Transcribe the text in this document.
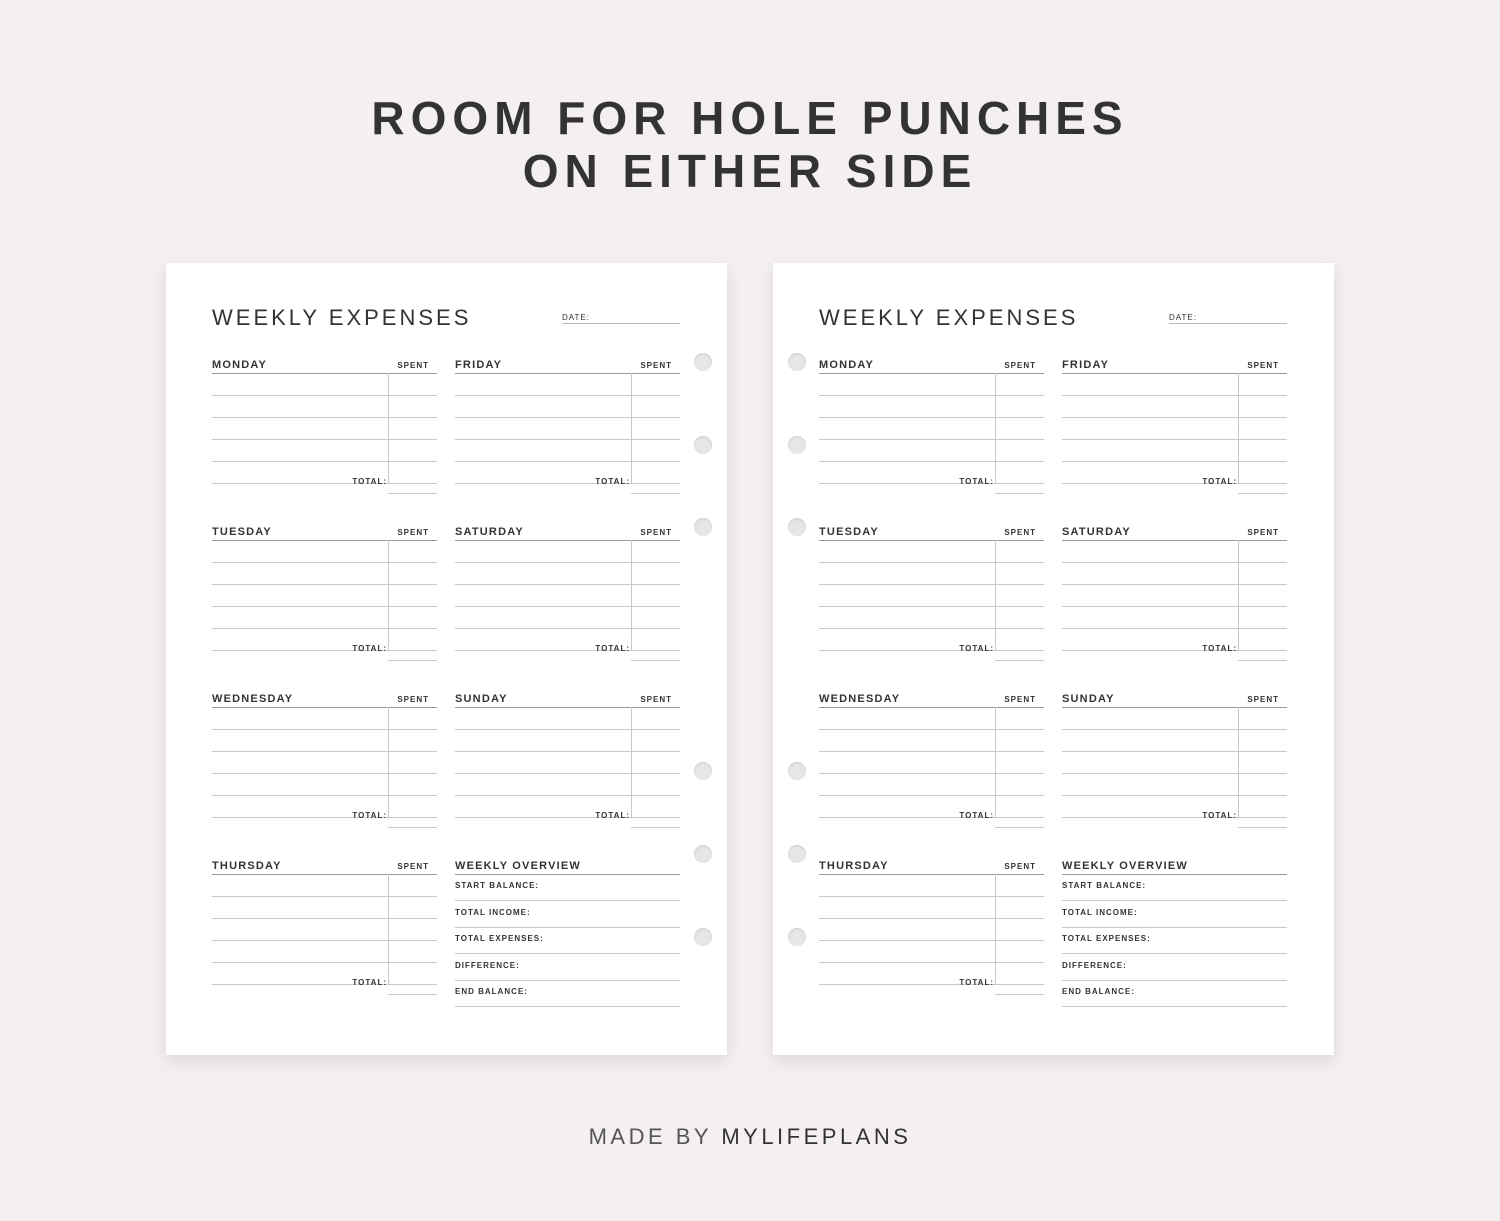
ROOM FOR HOLE PUNCHES
ON EITHER SIDE
WEEKLY EXPENSES	DATE:
MONDAY	SPENT
TOTAL:
FRIDAY	SPENT
TOTAL:
TUESDAY	SPENT
TOTAL:
SATURDAY	SPENT
TOTAL:
WEDNESDAY	SPENT
TOTAL:
SUNDAY	SPENT
TOTAL:
THURSDAY	SPENT
TOTAL:
WEEKLY OVERVIEW
START BALANCE:
TOTAL INCOME:
TOTAL EXPENSES:
DIFFERENCE:
END BALANCE:
WEEKLY EXPENSES	DATE:
MONDAY	SPENT
TOTAL:
FRIDAY	SPENT
TOTAL:
TUESDAY	SPENT
TOTAL:
SATURDAY	SPENT
TOTAL:
WEDNESDAY	SPENT
TOTAL:
SUNDAY	SPENT
TOTAL:
THURSDAY	SPENT
TOTAL:
WEEKLY OVERVIEW
START BALANCE:
TOTAL INCOME:
TOTAL EXPENSES:
DIFFERENCE:
END BALANCE:
MADE BY MYLIFEPLANS
